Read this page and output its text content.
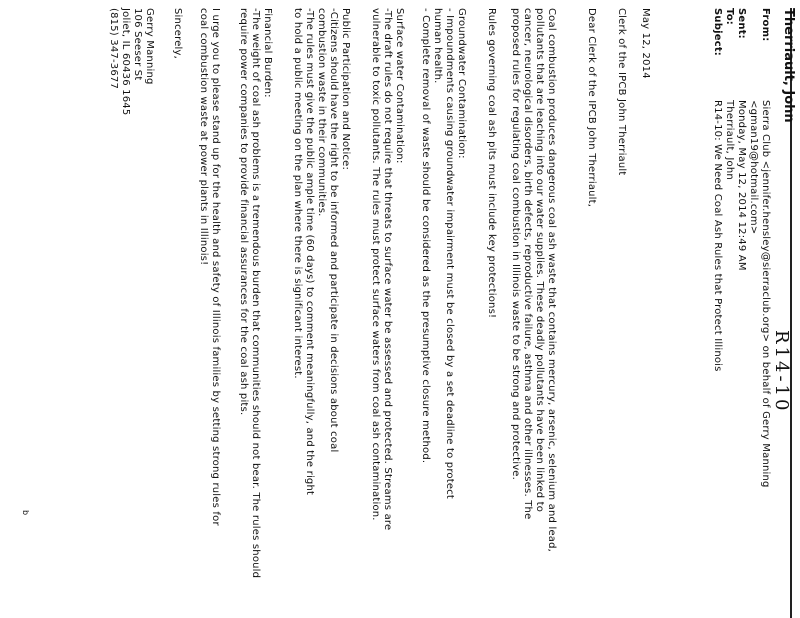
Therriault, John
R14-10
From:
Sierra Club <jennifer.hensley@sierraclub.org> on behalf of Gerry Manning
<gman19@hotmail.com>
Sent:
Monday, May 12, 2014 12:49 AM
To:
Therriault, John
Subject:
R14-10: We Need Coal Ash Rules that Protect Illinois
May 12, 2014
Clerk of the IPCB John Therriault
Dear Clerk of the IPCB John Therriault,
Coal combustion produces dangerous coal ash waste that contains mercury, arsenic, selenium and lead,
pollutants that are leaching into our water supplies. These deadly pollutants have been linked to
cancer, neurological disorders, birth defects, reproductive failure, asthma and other illnesses. The
proposed rules for regulating coal combustion in Illinois waste to be strong and protective.
Rules governing coal ash pits must include key protections!
Groundwater Contamination:
- Impoundments causing groundwater impairment must be closed by a set deadline to protect
human health.
- Complete removal of waste should be considered as the presumptive closure method.
Surface water Contamination:
-The draft rules do not require that threats to surface water be assessed and protected. Streams are
vulnerable to toxic pollutants. The rules must protect surface waters from coal ash contamination.
Public Participation and Notice:
-Citizens should have the right to be informed and participate in decisions about coal
combustion waste in their communities.
-The rules must give the public ample time (60 days) to comment meaningfully, and the right
to hold a public meeting on the plan where there is significant interest.
Financial Burden:
-The weight of coal ash problems is a tremendous burden that communities should not bear. The rules should
require power companies to provide financial assurances for the coal ash pits.
I urge you to please stand up for the health and safety of Illinois families by setting strong rules for
coal combustion waste at power plants in Illinois!
Sincerely,
Gerry Manning
106 Seeser St
Joliet, IL 60436 1645
(815) 347-3677
b
